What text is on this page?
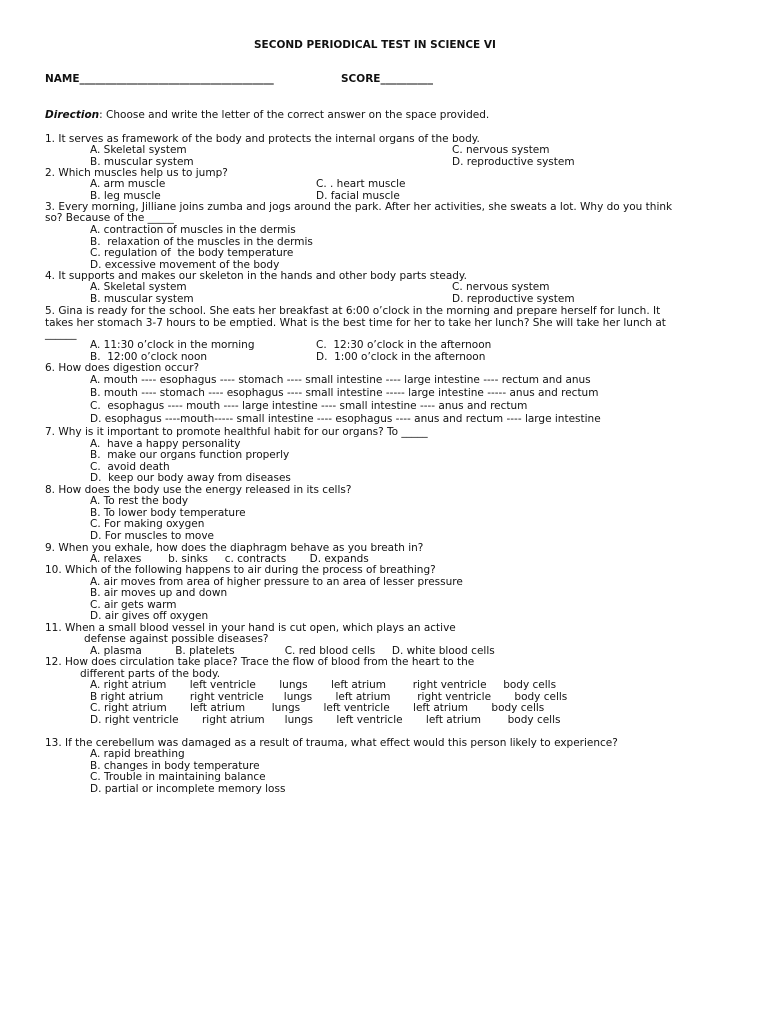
SECOND PERIODICAL TEST IN SCIENCE VI
NAME_____________________________________	SCORE__________
Direction: Choose and write the letter of the correct answer on the space provided.
1. It serves as framework of the body and protects the internal organs of the body.
A. Skeletal system	C. nervous system
B. muscular system	D. reproductive system
2. Which muscles help us to jump?
A. arm muscle	C. . heart muscle
B. leg muscle	D. facial muscle
3. Every morning, Jilliane joins zumba and jogs around the park. After her activities, she sweats a lot. Why do you think
so? Because of the _____
A. contraction of muscles in the dermis
B.  relaxation of the muscles in the dermis
C. regulation of  the body temperature
D. excessive movement of the body
4. It supports and makes our skeleton in the hands and other body parts steady.
A. Skeletal system	C. nervous system
B. muscular system	D. reproductive system
5. Gina is ready for the school. She eats her breakfast at 6:00 o’clock in the morning and prepare herself for lunch. It
takes her stomach 3-7 hours to be emptied. What is the best time for her to take her lunch? She will take her lunch at
______
A. 11:30 o’clock in the morning	C.  12:30 o’clock in the afternoon
B.  12:00 o’clock noon	D.  1:00 o’clock in the afternoon
6. How does digestion occur?
A. mouth ---- esophagus ---- stomach ---- small intestine ---- large intestine ---- rectum and anus
B. mouth ---- stomach ---- esophagus ---- small intestine ----- large intestine ----- anus and rectum
C.  esophagus ---- mouth ---- large intestine ---- small intestine ---- anus and rectum
D. esophagus ----mouth----- small intestine ---- esophagus ---- anus and rectum ---- large intestine
7. Why is it important to promote healthful habit for our organs? To _____
A.  have a happy personality
B.  make our organs function properly
C.  avoid death
D.  keep our body away from diseases
8. How does the body use the energy released in its cells?
A. To rest the body
B. To lower body temperature
C. For making oxygen
D. For muscles to move
9. When you exhale, how does the diaphragm behave as you breath in?
A. relaxes        b. sinks     c. contracts       D. expands
10. Which of the following happens to air during the process of breathing?
A. air moves from area of higher pressure to an area of lesser pressure
B. air moves up and down
C. air gets warm
D. air gives off oxygen
11. When a small blood vessel in your hand is cut open, which plays an active
defense against possible diseases?
A. plasma          B. platelets               C. red blood cells     D. white blood cells
12. How does circulation take place? Trace the flow of blood from the heart to the
different parts of the body.
A. right atrium       left ventricle       lungs       left atrium        right ventricle     body cells
B right atrium        right ventricle      lungs       left atrium        right ventricle       body cells
C. right atrium       left atrium        lungs       left ventricle       left atrium       body cells
D. right ventricle       right atrium      lungs       left ventricle       left atrium        body cells
13. If the cerebellum was damaged as a result of trauma, what effect would this person likely to experience?
A. rapid breathing
B. changes in body temperature
C. Trouble in maintaining balance
D. partial or incomplete memory loss
